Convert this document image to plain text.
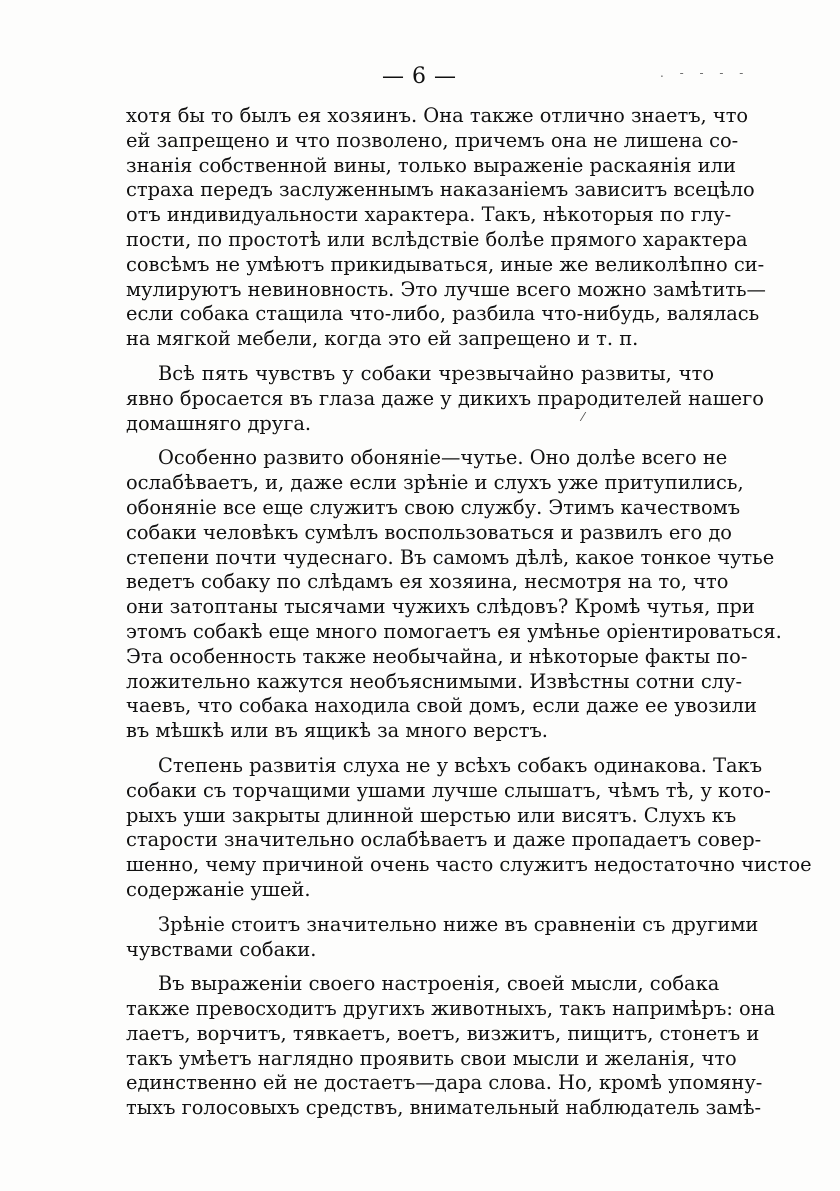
— 6 —	. - - - -
⁄
хотя бы то былъ ея хозяинъ. Она также отлично знаетъ, что
ей запрещено и что позволено, причемъ она не лишена со-
знанія собственной вины, только выраженіе раскаянія или
страха передъ заслуженнымъ наказаніемъ зависитъ всецѣло
отъ индивидуальности характера. Такъ, нѣкоторыя по глу-
пости, по простотѣ или вслѣдствіе болѣе прямого характера
совсѣмъ не умѣютъ прикидываться, иные же великолѣпно си-
мулируютъ невиновность. Это лучше всего можно замѣтить—
если собака стащила что-либо, разбила что-нибудь, валялась
на мягкой мебели, когда это ей запрещено и т. п.
Всѣ пять чувствъ у собаки чрезвычайно развиты, что
явно бросается въ глаза даже у дикихъ прародителей нашего
домашняго друга.
Особенно развито обоняніе—чутье. Оно долѣе всего не
ослабѣваетъ, и, даже если зрѣніе и слухъ уже притупились,
обоняніе все еще служитъ свою службу. Этимъ качествомъ
собаки человѣкъ сумѣлъ воспользоваться и развилъ его до
степени почти чудеснаго. Въ самомъ дѣлѣ, какое тонкое чутье
ведетъ собаку по слѣдамъ ея хозяина, несмотря на то, что
они затоптаны тысячами чужихъ слѣдовъ? Кромѣ чутья, при
этомъ собакѣ еще много помогаетъ ея умѣнье оріентироваться.
Эта особенность также необычайна, и нѣкоторые факты по-
ложительно кажутся необъяснимыми. Извѣстны сотни слу-
чаевъ, что собака находила свой домъ, если даже ее увозили
въ мѣшкѣ или въ ящикѣ за много верстъ.
Степень развитія слуха не у всѣхъ собакъ одинакова. Такъ
собаки съ торчащими ушами лучше слышатъ, чѣмъ тѣ, у кото-
рыхъ уши закрыты длинной шерстью или висятъ. Слухъ къ
старости значительно ослабѣваетъ и даже пропадаетъ совер-
шенно, чему причиной очень часто служитъ недостаточно чистое
содержаніе ушей.
Зрѣніе стоитъ значительно ниже въ сравненіи съ другими
чувствами собаки.
Въ выраженіи своего настроенія, своей мысли, собака
также превосходитъ другихъ животныхъ, такъ напримѣръ: она
лаетъ, ворчитъ, тявкаетъ, воетъ, визжитъ, пищитъ, стонетъ и
такъ умѣетъ наглядно проявить свои мысли и желанія, что
единственно ей не достаетъ—дара слова. Но, кромѣ упомяну-
тыхъ голосовыхъ средствъ, внимательный наблюдатель замѣ-
